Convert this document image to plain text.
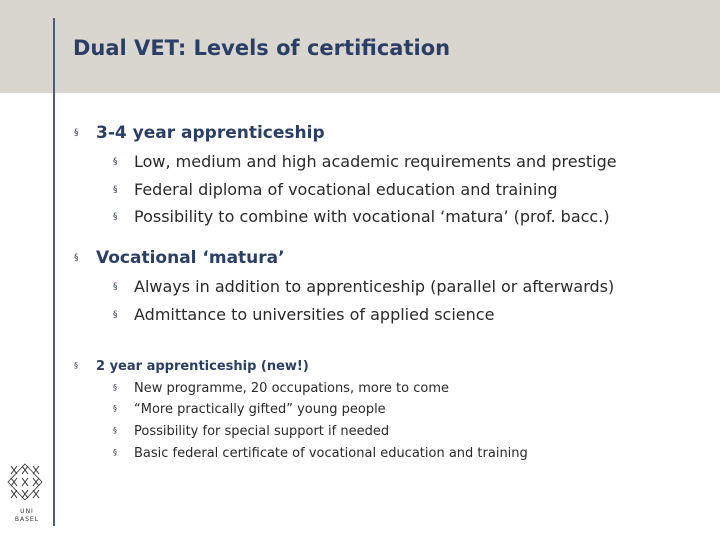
Dual VET: Levels of certification
§	3-4 year apprenticeship
§	Low, medium and high academic requirements and prestige
§	Federal diploma of vocational education and training
§	Possibility to combine with vocational ‘matura’ (prof. bacc.)
§	Vocational ‘matura’
§	Always in addition to apprenticeship (parallel or afterwards)
§	Admittance to universities of applied science
§	2 year apprenticeship (new!)
§	New programme, 20 occupations, more to come
§	“More practically gifted” young people
§	Possibility for special support if needed
§	Basic federal certificate of vocational education and training
UNI
BASEL
